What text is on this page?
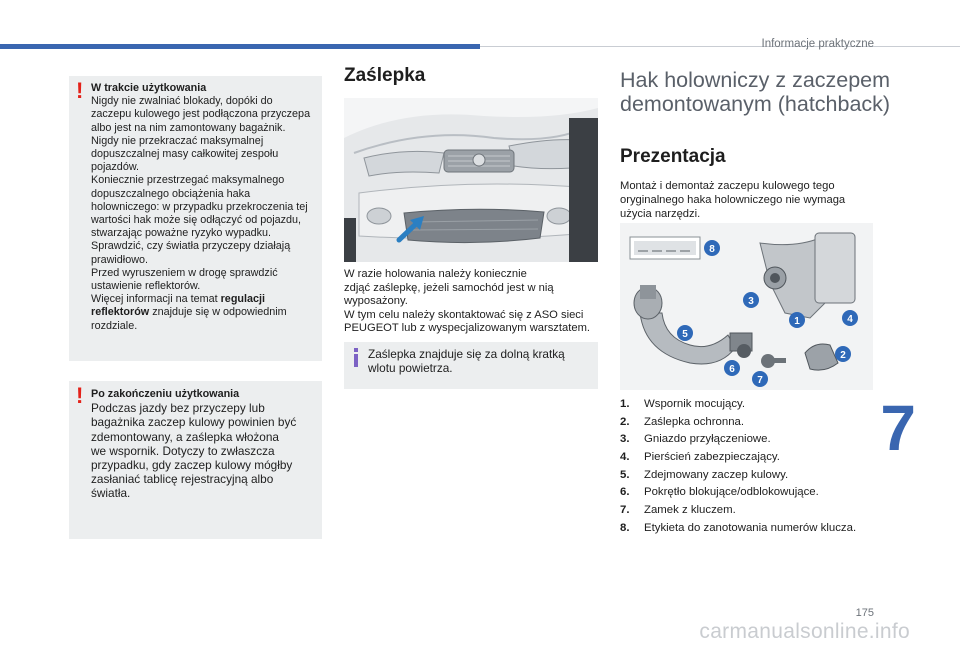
Informacje praktyczne
! W trakcie użytkowania
Nigdy nie zwalniać blokady, dopóki do
zaczepu kulowego jest podłączona przyczepa
albo jest na nim zamontowany bagażnik.
Nigdy nie przekraczać maksymalnej
dopuszczalnej masy całkowitej zespołu
pojazdów.
Koniecznie przestrzegać maksymalnego
dopuszczalnego obciążenia haka
holowniczego: w przypadku przekroczenia tej
wartości hak może się odłączyć od pojazdu,
stwarzając poważne ryzyko wypadku.
Sprawdzić, czy światła przyczepy działają
prawidłowo.
Przed wyruszeniem w drogę sprawdzić
ustawienie reflektorów.
Więcej informacji na temat regulacji
reflektorów znajduje się w odpowiednim
rozdziale.
! Po zakończeniu użytkowania
Podczas jazdy bez przyczepy lub
bagażnika zaczep kulowy powinien być
zdemontowany, a zaślepka włożona
we wspornik. Dotyczy to zwłaszcza
przypadku, gdy zaczep kulowy mógłby
zasłaniać tablicę rejestracyjną albo
światła.
Zaślepka

W razie holowania należy koniecznie

zdjąć zaślepkę, jeżeli samochód jest w nią

wyposażony.

W tym celu należy skontaktować się z ASO sieci

PEUGEOT lub z wyspecjalizowanym warsztatem.

Zaślepka znajduje się za dolną kratką
wlotu powietrza.
Hak holowniczy z zaczepem
demontowanym (hatchback)
Prezentacja
Montaż i demontaż zaczepu kulowego tego
oryginalnego haka holowniczego nie wymaga
użycia narzędzi.
8
3
1	4
5
2
6
7
1. Wspornik mocujący.
2. Zaślepka ochronna.
3. Gniazdo przyłączeniowe.
4. Pierścień zabezpieczający.
5. Zdejmowany zaczep kulowy.
6. Pokrętło blokujące/odblokowujące.
7. Zamek z kluczem.
8. Etykieta do zanotowania numerów klucza.
7
175
carmanualsonline.info
